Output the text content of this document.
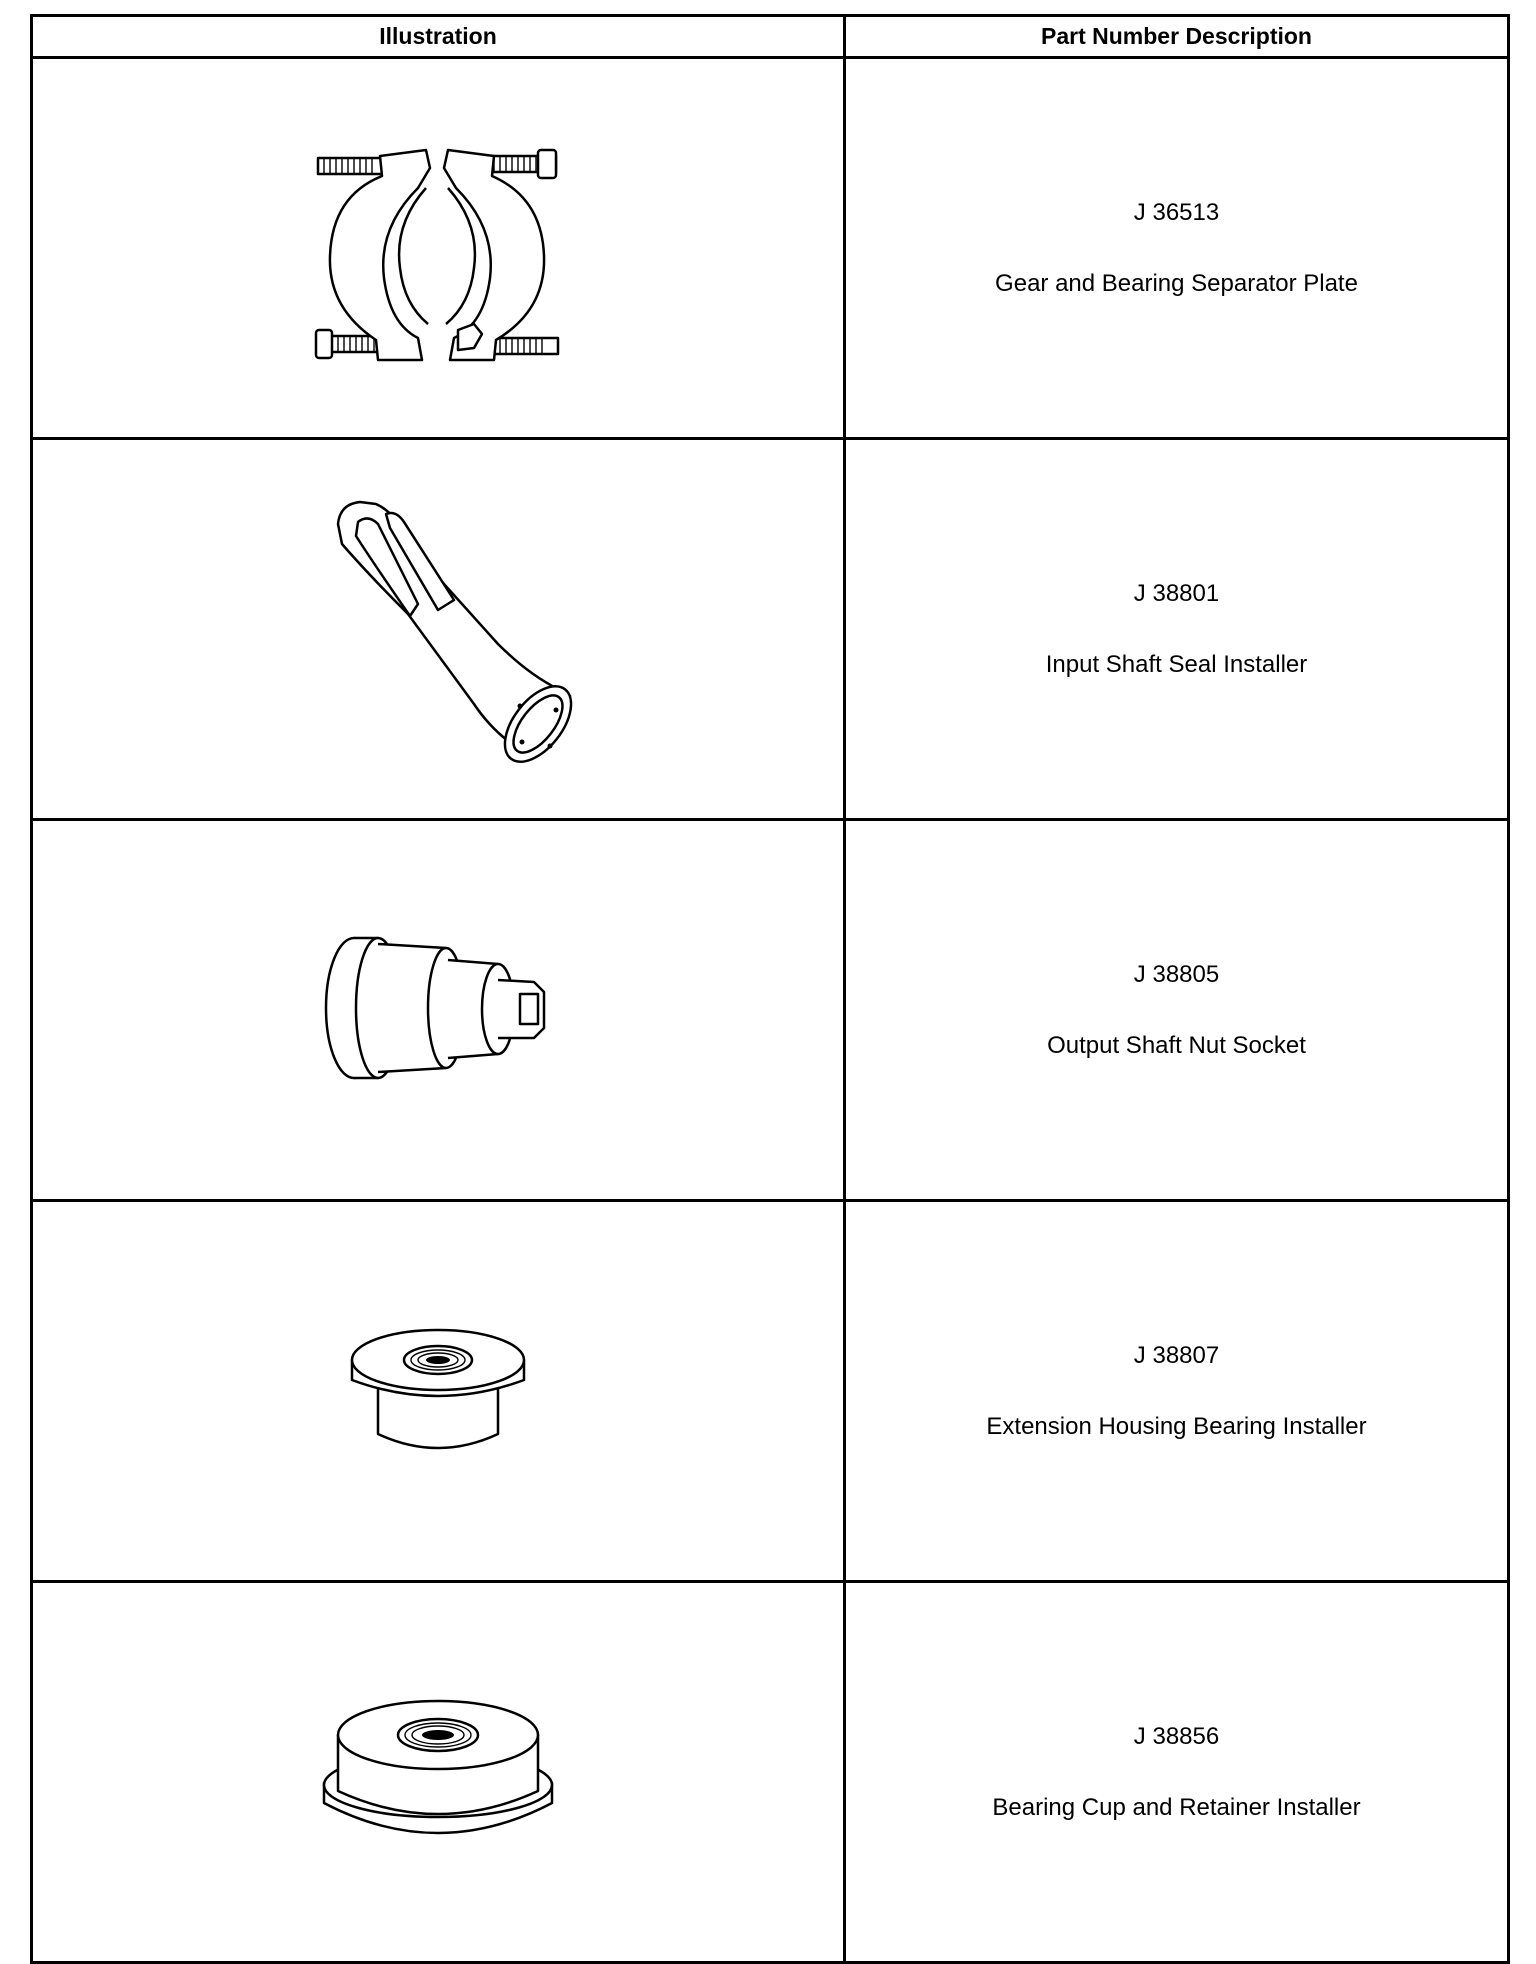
Illustration	Part Number Description

J 36513
Gear and Bearing Separator Plate

J 38801
Input Shaft Seal Installer

J 38805
Output Shaft Nut Socket

J 38807
Extension Housing Bearing Installer

J 38856
Bearing Cup and Retainer Installer
